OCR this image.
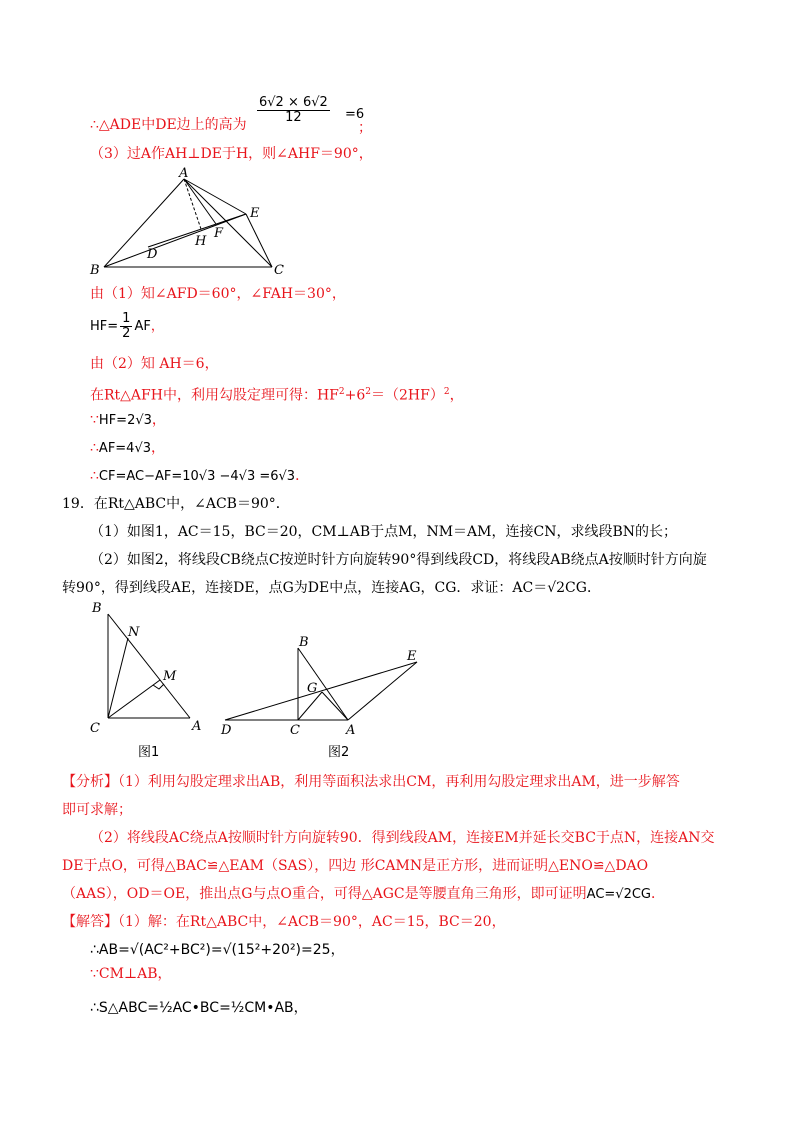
∴△ADE中DE边上的高为 $\frac{6√2 \times 6√2}{12} =6$
；
（3）过A作AH⊥DE于H，则∠AHF＝90°，
A
E
F
H
D
B	C
由（1）知∠AFD＝60°，∠FAH＝30°，
$HF= \frac{1}{2}$ AF，
由（2）知 AH＝6，
在Rt△AFH中，利用勾股定理可得：$HF^2+6^2=(2HF)^2$，
∵HF=2√3，
∴AF=4√3，
∴CF=AC−AF=10√3 −4√3 =6√3．
19．在Rt△ABC中，∠ACB＝90°．
（1）如图1，AC＝15，BC＝20，CM⊥AB于点M，NM＝AM，连接CN，求线段BN的长；
（2）如图2，将线段CB绕点C按逆时针方向旋转90°得到线段CD，将线段AB绕点A按顺时针方向旋
转90°，得到线段AE，连接DE，点G为DE中点，连接AG，CG．求证：AC＝√2CG．
B
N
M
C	A
图1
B
E
G
D	C	A
图2
【分析】（1）利用勾股定理求出AB，利用等面积法求出CM，再利用勾股定理求出AM，进一步解答
即可求解；
（2）将线段AC绕点A按顺时针方向旋转90．得到线段AM，连接EM并延长交BC于点N，连接AN交
DE于点O，可得△BAC≌△EAM（SAS），四边 形CAMN是正方形，进而证明△ENO≌△DAO
（AAS），OD＝OE，推出点G与点O重合，可得△AGC是等腰直角三角形，即可证明AC=√2CG．
【解答】（1）解：在Rt△ABC中，∠ACB＝90°，AC＝15，BC＝20，
∴AB=√(AC²+BC²)=√(15²+20²)=25，
∵CM⊥AB，
∴S△ABC=½AC•BC=½CM•AB，
